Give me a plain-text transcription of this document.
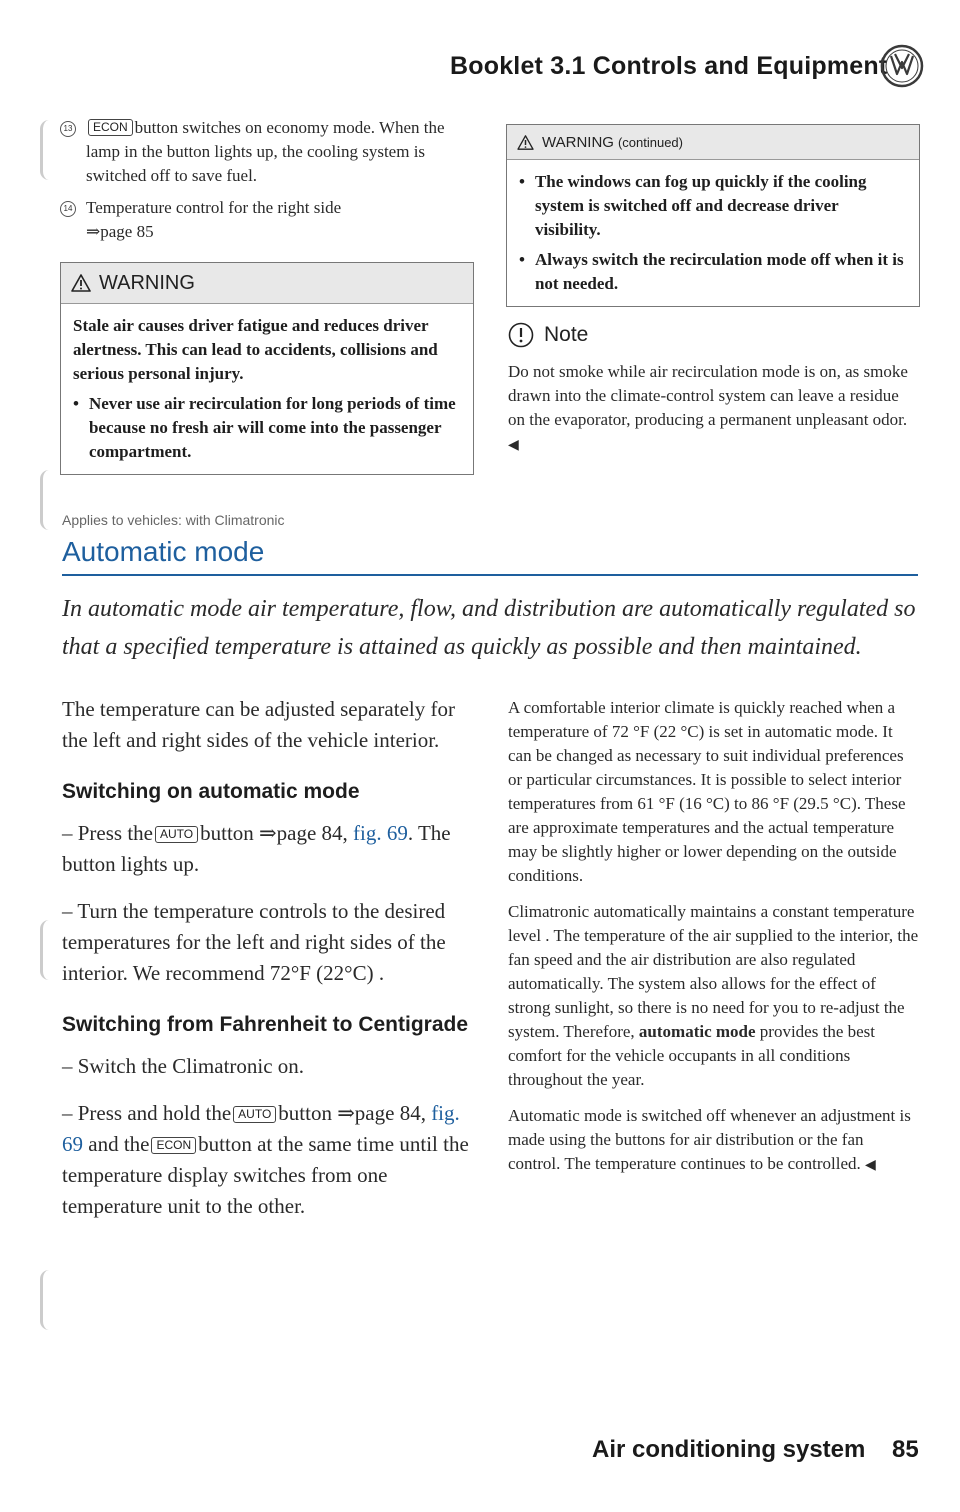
Booklet 3.1 Controls and Equipment
13	ECON button switches on economy mode. When the lamp in the button lights up, the cooling system is switched off to save fuel.
14 Temperature control for the right side
⇒page 85
WARNING
Stale air causes driver fatigue and reduces driver alertness. This can lead to accidents, collisions and serious personal injury.
• Never use air recirculation for long periods of time because no fresh air will come into the passenger compartment.
WARNING (continued)
• The windows can fog up quickly if the cooling system is switched off and decrease driver visibility.
• Always switch the recirculation mode off when it is not needed.
Note
Do not smoke while air recirculation mode is on, as smoke drawn into the climate-control system can leave a residue on the evaporator, producing a permanent unpleasant odor. ◀
Applies to vehicles: with Climatronic
Automatic mode
In automatic mode air temperature, flow, and distribution are automatically regulated so that a specified temperature is attained as quickly as possible and then maintained.
The temperature can be adjusted separately for the left and right sides of the vehicle interior.
Switching on automatic mode
– Press the AUTO button ⇒page 84, fig. 69. The button lights up.
– Turn the temperature controls to the desired temperatures for the left and right sides of the interior. We recommend 72°F (22°C) .
Switching from Fahrenheit to Centigrade
– Switch the Climatronic on.
– Press and hold the AUTO button ⇒page 84, fig. 69 and the ECON button at the same time until the temperature display switches from one temperature unit to the other.
A comfortable interior climate is quickly reached when a temperature of 72 °F (22 °C) is set in automatic mode. It can be changed as necessary to suit individual preferences or particular circumstances. It is possible to select interior temperatures from 61 °F (16 °C) to 86 °F (29.5 °C). These are approximate temperatures and the actual temperature may be slightly higher or lower depending on the outside conditions.
Climatronic automatically maintains a constant temperature level . The temperature of the air supplied to the interior, the fan speed and the air distribution are also regulated automatically. The system also allows for the effect of strong sunlight, so there is no need for you to re-adjust the system. Therefore, automatic mode provides the best comfort for the vehicle occupants in all conditions throughout the year.
Automatic mode is switched off whenever an adjustment is made using the buttons for air distribution or the fan control. The temperature continues to be controlled. ◀
Air conditioning system 85
